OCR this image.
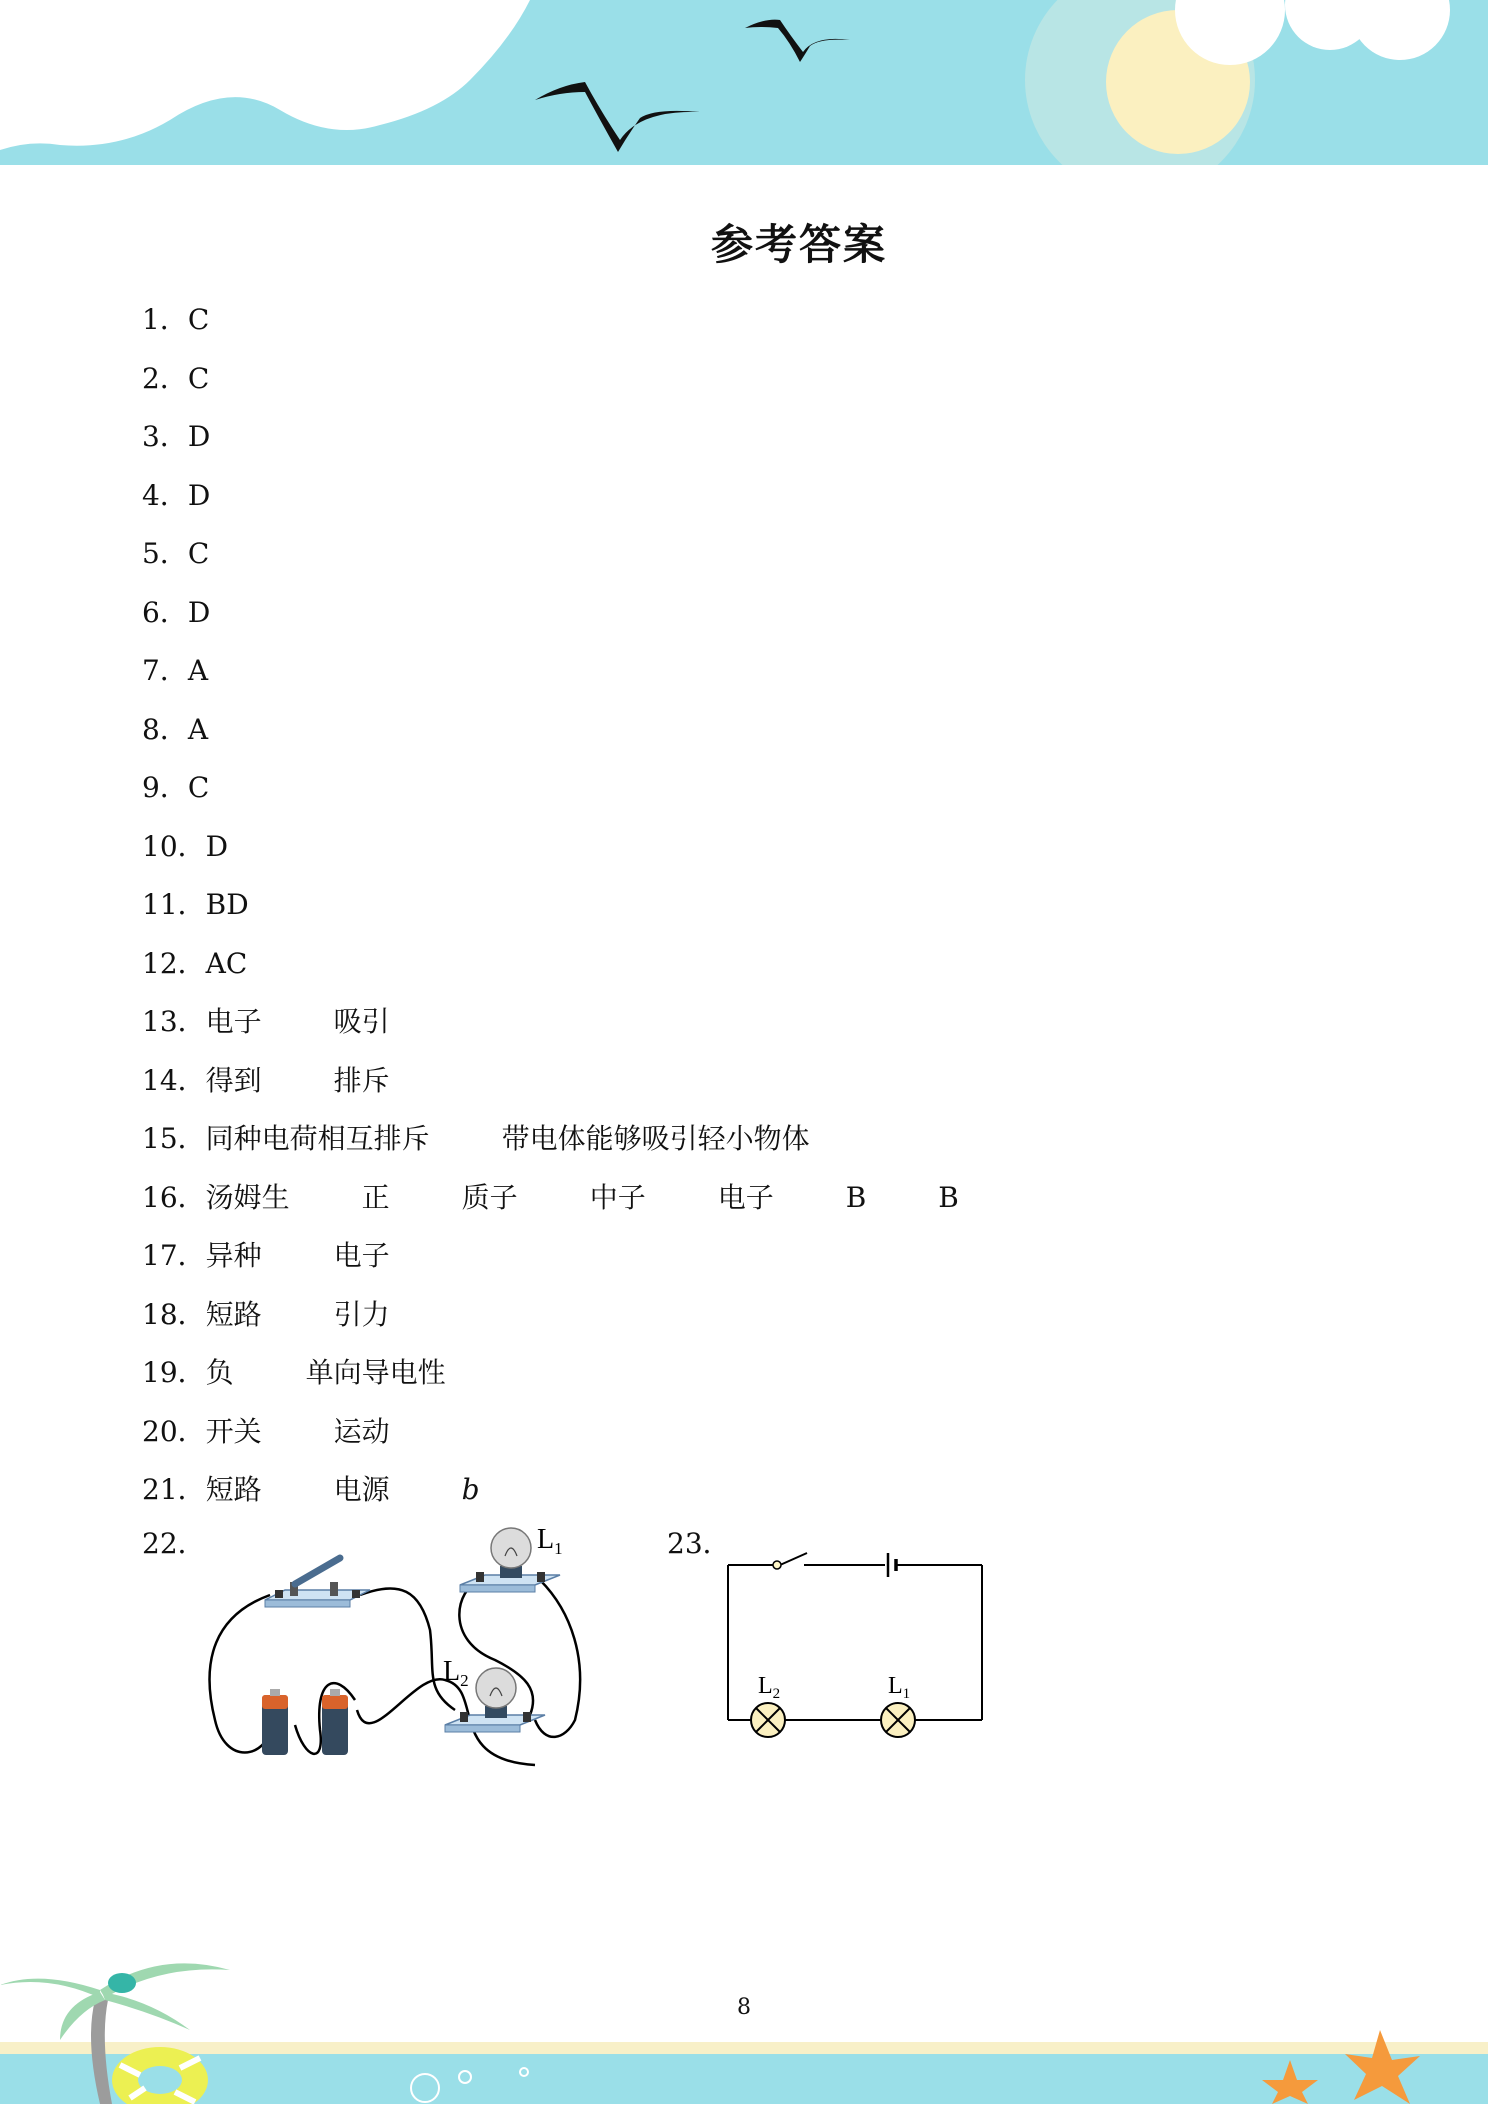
参考答案
1．C
2．C
3．D
4．D
5．C
6．D
7．A
8．A
9．C
10．D
11．BD
12．AC
13．电子	吸引
14．得到	排斥
15．同种电荷相互排斥	带电体能够吸引轻小物体
16．汤姆生	正	质子	中子	电子	B	B
17．异种	电子
18．短路	引力
19．负	单向导电性
20．开关	运动
21．短路	电源	b
22．	$L_1$
$L_2$
23．
$L_2$	$L_1$
8
